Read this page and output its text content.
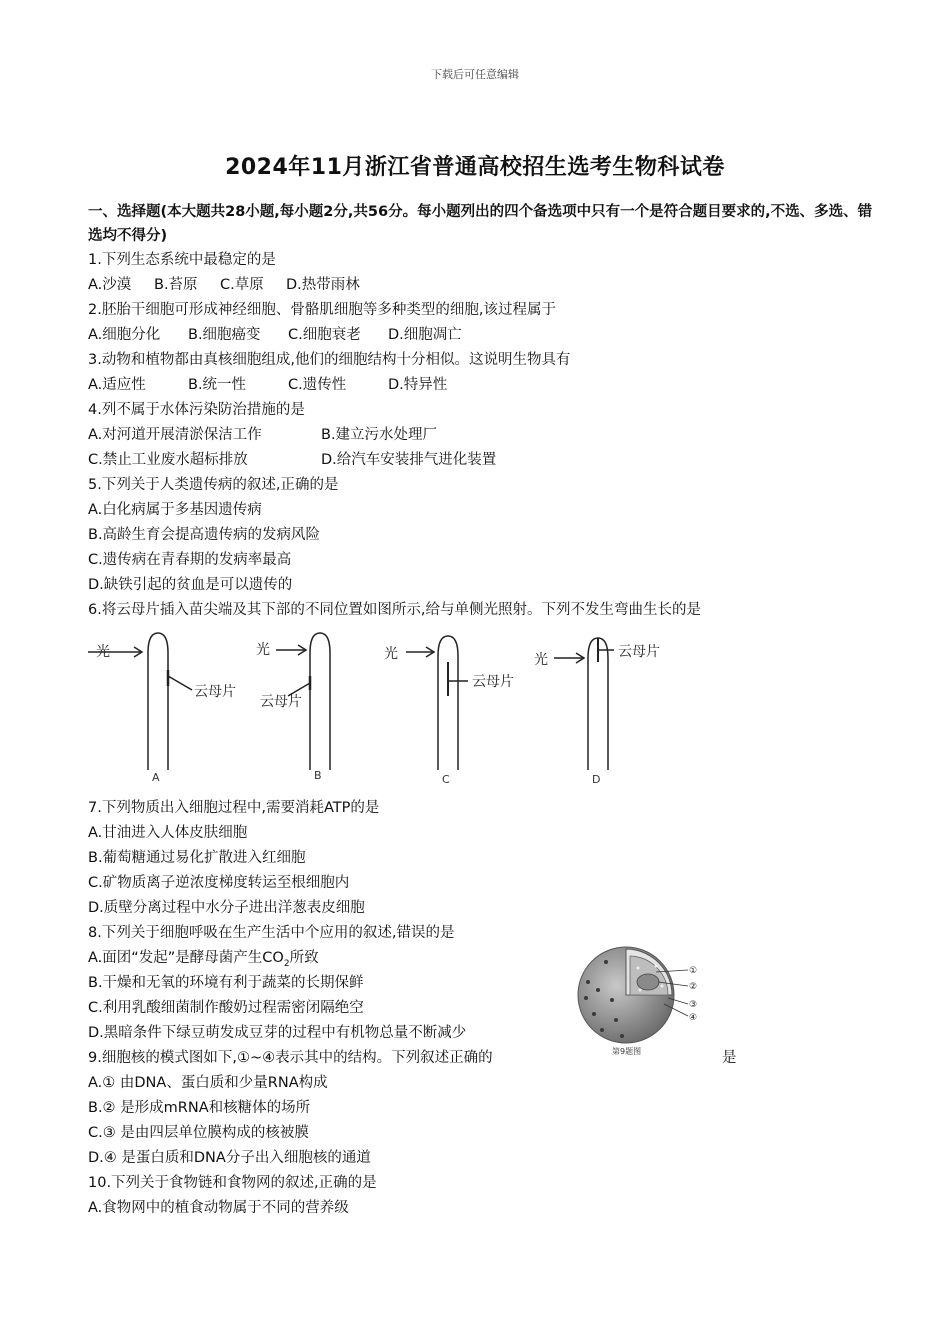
下载后可任意编辑
2024年11月浙江省普通高校招生选考生物科试卷
一、选择题(本大题共28小题,每小题2分,共56分。每小题列出的四个备选项中只有一个是符合题目要求的,不选、多选、错选均不得分)
1.下列生态系统中最稳定的是
A.沙漠 B.苔原 C.草原 D.热带雨林
2.胚胎干细胞可形成神经细胞、骨骼肌细胞等多种类型的细胞,该过程属于
A.细胞分化 B.细胞癌变 C.细胞衰老 D.细胞凋亡
3.动物和植物都由真核细胞组成,他们的细胞结构十分相似。这说明生物具有
A.适应性	B.统一性	C.遗传性	D.特异性
4.列不属于水体污染防治措施的是
A.对河道开展清淤保洁工作	B.建立污水处理厂
C.禁止工业废水超标排放	D.给汽车安装排气进化装置
5.下列关于人类遗传病的叙述,正确的是
A.白化病属于多基因遗传病
B.高龄生育会提高遗传病的发病风险
C.遗传病在青春期的发病率最高
D.缺铁引起的贫血是可以遗传的
6.将云母片插入苗尖端及其下部的不同位置如图所示,给与单侧光照射。下列不发生弯曲生长的是
光
云母片
光
云母片
光
云母片
光	云母片
A	B	C	D
7.下列物质出入细胞过程中,需要消耗ATP的是
A.甘油进入人体皮肤细胞
B.葡萄糖通过易化扩散进入红细胞
C.矿物质离子逆浓度梯度转运至根细胞内
D.质壁分离过程中水分子进出洋葱表皮细胞
8.下列关于细胞呼吸在生产生活中个应用的叙述,错误的是
A.面团“发起”是酵母菌产生$CO_2$所致
B.干燥和无氧的环境有利于蔬菜的长期保鲜
C.利用乳酸细菌制作酸奶过程需密闭隔绝空
D.黑暗条件下绿豆萌发成豆芽的过程中有机物总量不断减少
①
②
③
④
第9题图
9.细胞核的模式图如下,①~④表示其中的结构。下列叙述正确的	是
A.① 由DNA、蛋白质和少量RNA构成
B.② 是形成mRNA和核糖体的场所
C.③ 是由四层单位膜构成的核被膜
D.④ 是蛋白质和DNA分子出入细胞核的通道
10.下列关于食物链和食物网的叙述,正确的是
A.食物网中的植食动物属于不同的营养级
